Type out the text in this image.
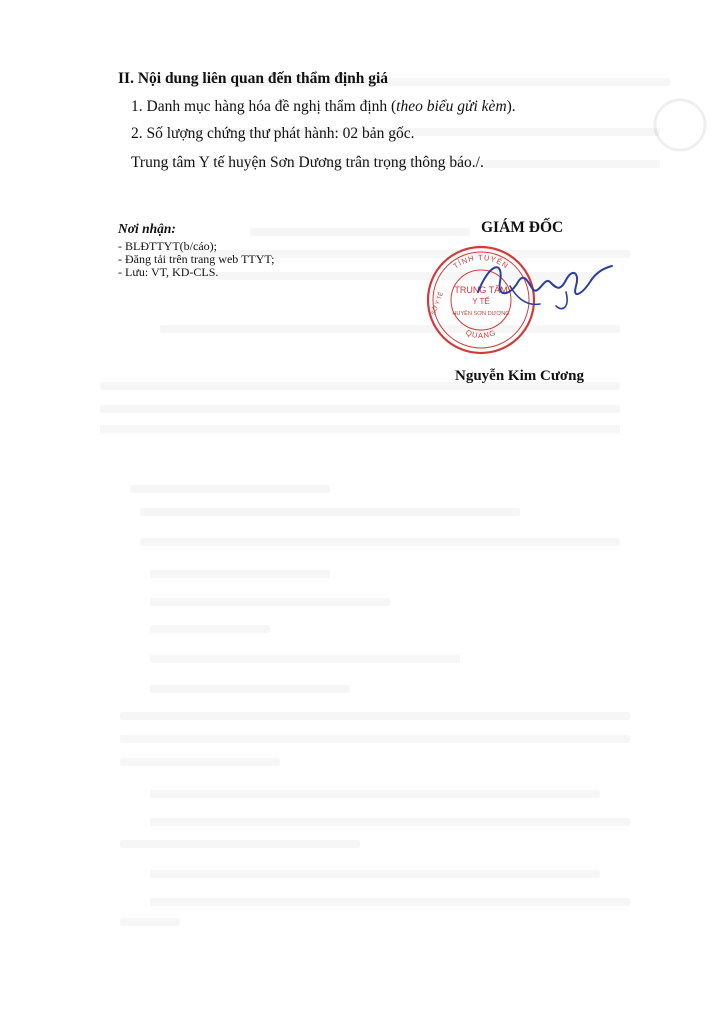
II. Nội dung liên quan đến thẩm định giá
1. Danh mục hàng hóa đề nghị thẩm định (theo biểu gửi kèm).
2. Số lượng chứng thư phát hành: 02 bản gốc.
Trung tâm Y tế huyện Sơn Dương trân trọng thông báo./.
Nơi nhận:
- BLĐTTYT(b/cáo);
- Đăng tải trên trang web TTYT;
- Lưu: VT, KD-CLS.
GIÁM ĐỐC
TỈNH TUYÊN
QUANG
TRUNG TÂM
Y TẾ
HUYỆN SƠN DƯƠNG
SỞ Y TẾ
Nguyễn Kim Cương
